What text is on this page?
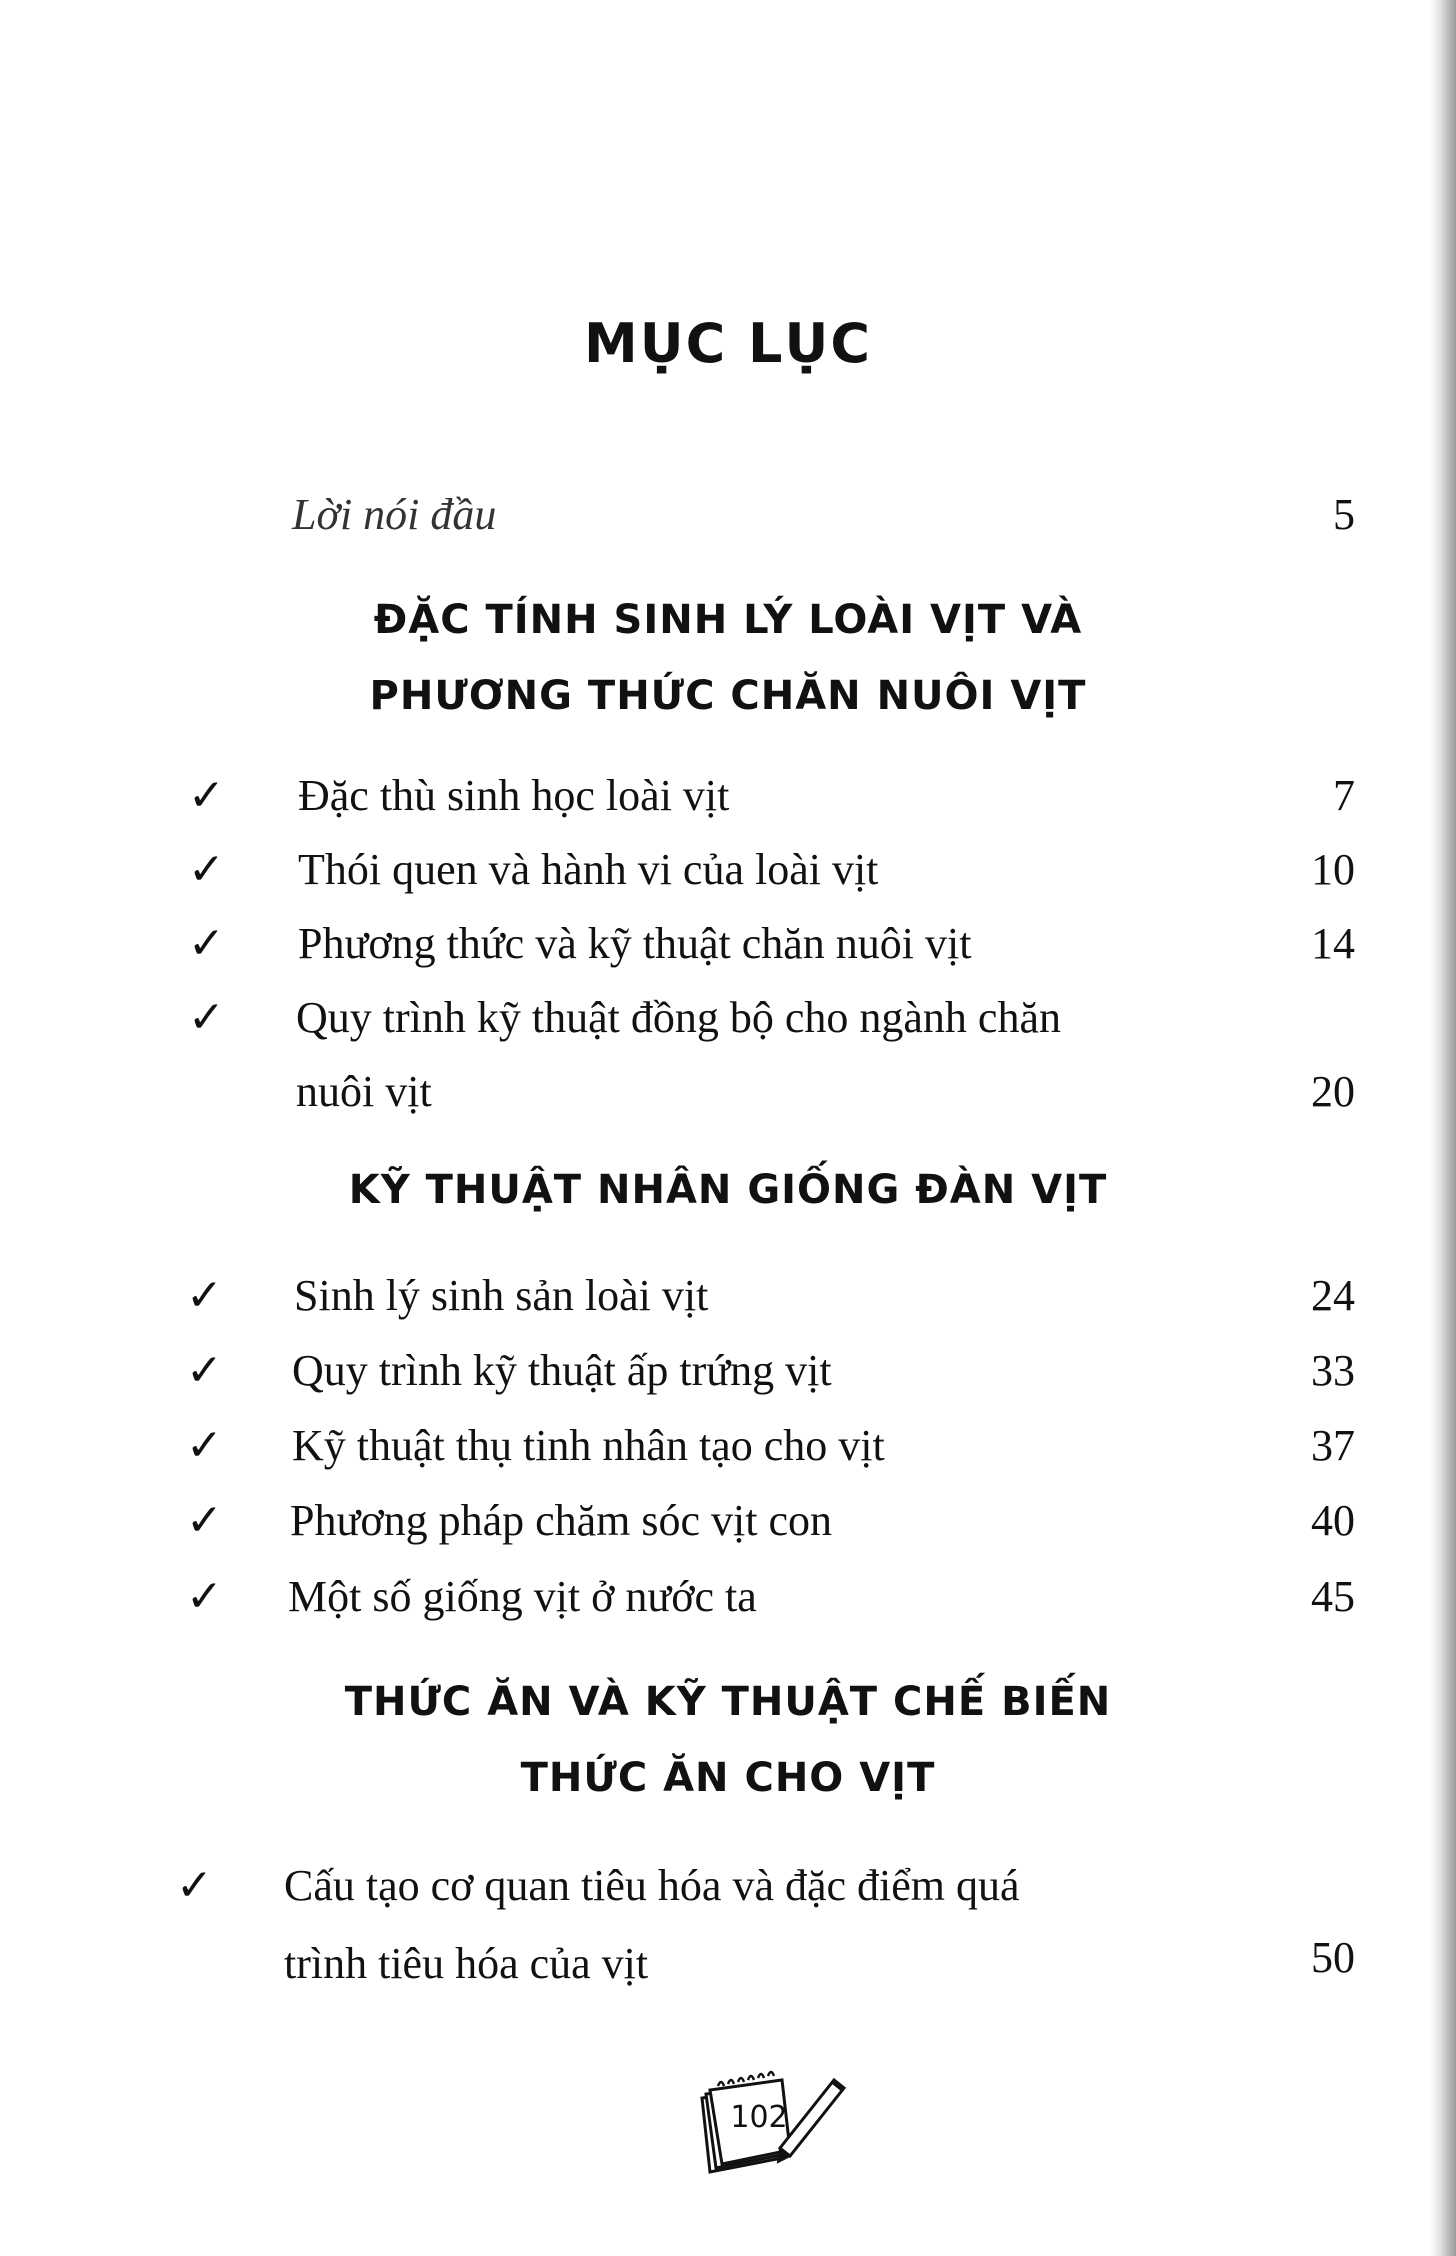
MỤC LỤC
Lời nói đầu	5
ĐẶC TÍNH SINH LÝ LOÀI VỊT VÀ
PHƯƠNG THỨC CHĂN NUÔI VỊT
✓ Đặc thù sinh học loài vịt	7
✓ Thói quen và hành vi của loài vịt	10
✓ Phương thức và kỹ thuật chăn nuôi vịt	14
✓ Quy trình kỹ thuật đồng bộ cho ngành chăn
nuôi vịt	20
KỸ THUẬT NHÂN GIỐNG ĐÀN VỊT
✓ Sinh lý sinh sản loài vịt	24
✓ Quy trình kỹ thuật ấp trứng vịt	33
✓ Kỹ thuật thụ tinh nhân tạo cho vịt	37
✓ Phương pháp chăm sóc vịt con	40
✓ Một số giống vịt ở nước ta	45
THỨC ĂN VÀ KỸ THUẬT CHẾ BIẾN
THỨC ĂN CHO VỊT
✓ Cấu tạo cơ quan tiêu hóa và đặc điểm quá
trình tiêu hóa của vịt	50
102
